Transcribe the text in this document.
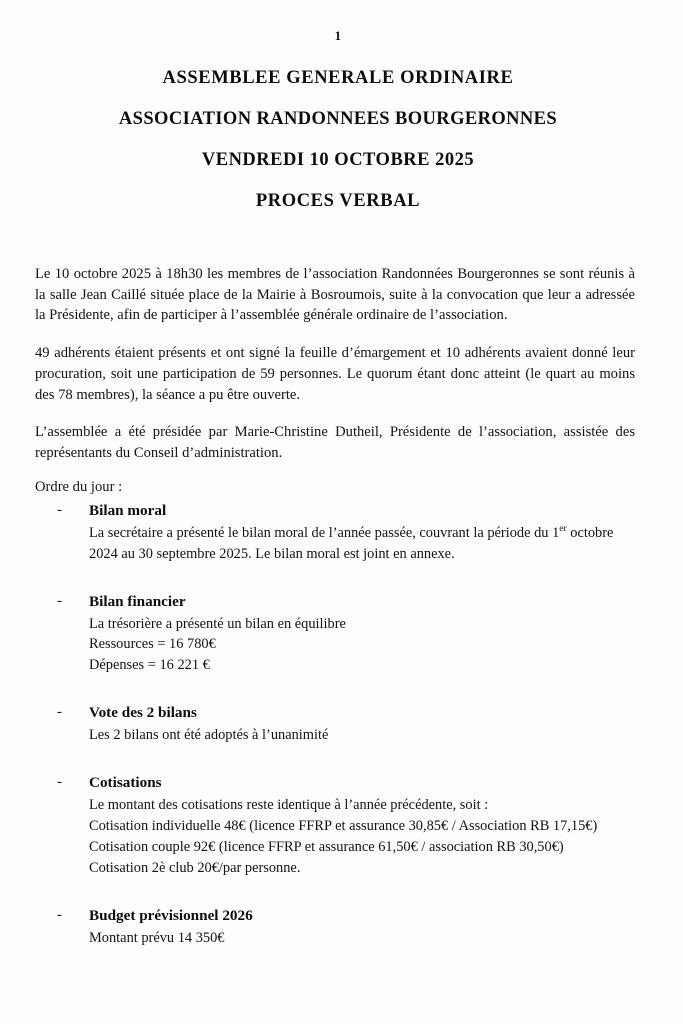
1
ASSEMBLEE GENERALE ORDINAIRE
ASSOCIATION RANDONNEES BOURGERONNES
VENDREDI 10 OCTOBRE 2025
PROCES VERBAL

Le 10 octobre 2025 à 18h30 les membres de l’association Randonnées Bourgeronnes se sont réunis à la salle Jean Caillé située place de la Mairie à Bosroumois, suite à la convocation que leur a adressée la Présidente, afin de participer à l’assemblée générale ordinaire de l’association.

49 adhérents étaient présents et ont signé la feuille d’émargement et 10 adhérents avaient donné leur procuration, soit une participation de 59 personnes. Le quorum étant donc atteint (le quart au moins des 78 membres), la séance a pu être ouverte.

L’assemblée a été présidée par Marie-Christine Dutheil, Présidente de l’association, assistée des représentants du Conseil d’administration.

Ordre du jour :
- Bilan moral
La secrétaire a présenté le bilan moral de l’année passée, couvrant la période du 1er octobre 2024 au 30 septembre 2025. Le bilan moral est joint en annexe.
- Bilan financier
La trésorière a présenté un bilan en équilibre
Ressources = 16 780€
Dépenses = 16 221 €
- Vote des 2 bilans
Les 2 bilans ont été adoptés à l’unanimité
- Cotisations
Le montant des cotisations reste identique à l’année précédente, soit :
Cotisation individuelle 48€ (licence FFRP et assurance 30,85€ / Association RB 17,15€)
Cotisation couple 92€ (licence FFRP et assurance 61,50€ / association RB 30,50€)
Cotisation 2è club 20€/par personne.
- Budget prévisionnel 2026
Montant prévu 14 350€
